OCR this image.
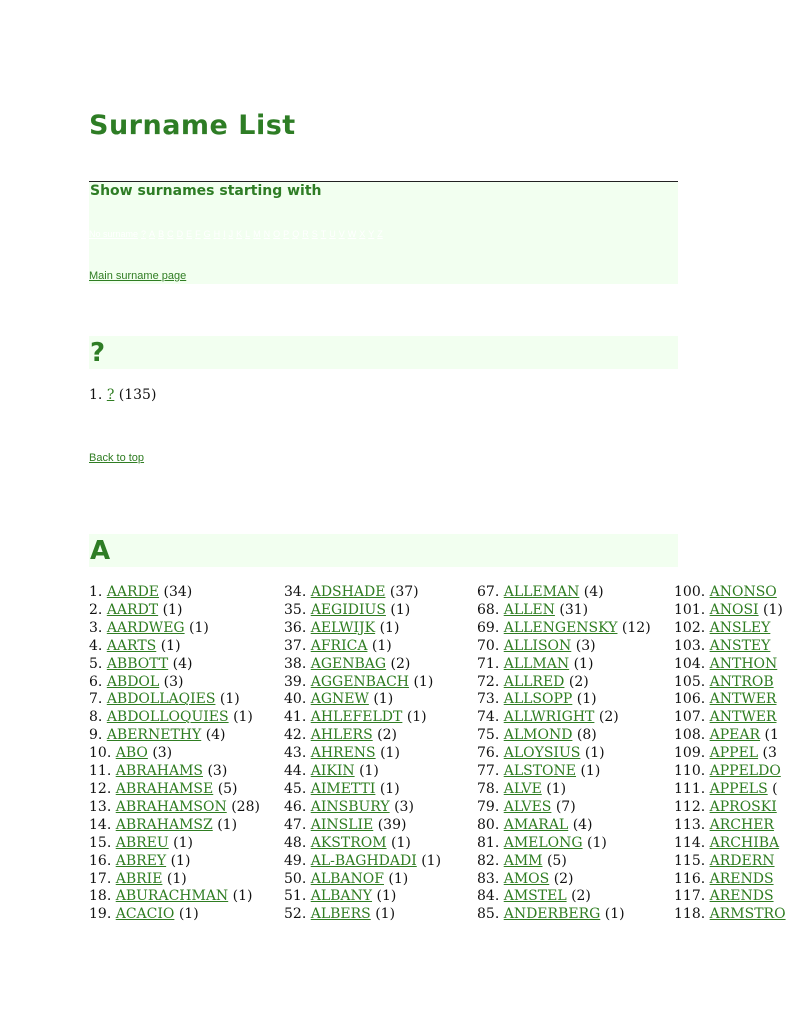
Surname List
Show surnames starting with
No surname ? A B C D E F G H I J K L M N O P Q R S T U V W X Y Z
Main surname page
?
1. ? (135)
Back to top
A
1. AARDE (34)
2. AARDT (1)
3. AARDWEG (1)
4. AARTS (1)
5. ABBOTT (4)
6. ABDOL (3)
7. ABDOLLAQIES (1)
8. ABDOLLOQUIES (1)
9. ABERNETHY (4)
10. ABO (3)
11. ABRAHAMS (3)
12. ABRAHAMSE (5)
13. ABRAHAMSON (28)
14. ABRAHAMSZ (1)
15. ABREU (1)
16. ABREY (1)
17. ABRIE (1)
18. ABURACHMAN (1)
19. ACACIO (1)
34. ADSHADE (37)
35. AEGIDIUS (1)
36. AELWIJK (1)
37. AFRICA (1)
38. AGENBAG (2)
39. AGGENBACH (1)
40. AGNEW (1)
41. AHLEFELDT (1)
42. AHLERS (2)
43. AHRENS (1)
44. AIKIN (1)
45. AIMETTI (1)
46. AINSBURY (3)
47. AINSLIE (39)
48. AKSTROM (1)
49. AL-BAGHDADI (1)
50. ALBANOF (1)
51. ALBANY (1)
52. ALBERS (1)
67. ALLEMAN (4)
68. ALLEN (31)
69. ALLENGENSKY (12)
70. ALLISON (3)
71. ALLMAN (1)
72. ALLRED (2)
73. ALLSOPP (1)
74. ALLWRIGHT (2)
75. ALMOND (8)
76. ALOYSIUS (1)
77. ALSTONE (1)
78. ALVE (1)
79. ALVES (7)
80. AMARAL (4)
81. AMELONG (1)
82. AMM (5)
83. AMOS (2)
84. AMSTEL (2)
85. ANDERBERG (1)
100. ANONSO
101. ANOSI (1)
102. ANSLEY
103. ANSTEY
104. ANTHON
105. ANTROB
106. ANTWER
107. ANTWER
108. APEAR (1
109. APPEL (3
110. APPELDO
111. APPELS (
112. APROSKI
113. ARCHER
114. ARCHIBA
115. ARDERN
116. ARENDS
117. ARENDS
118. ARMSTRO
